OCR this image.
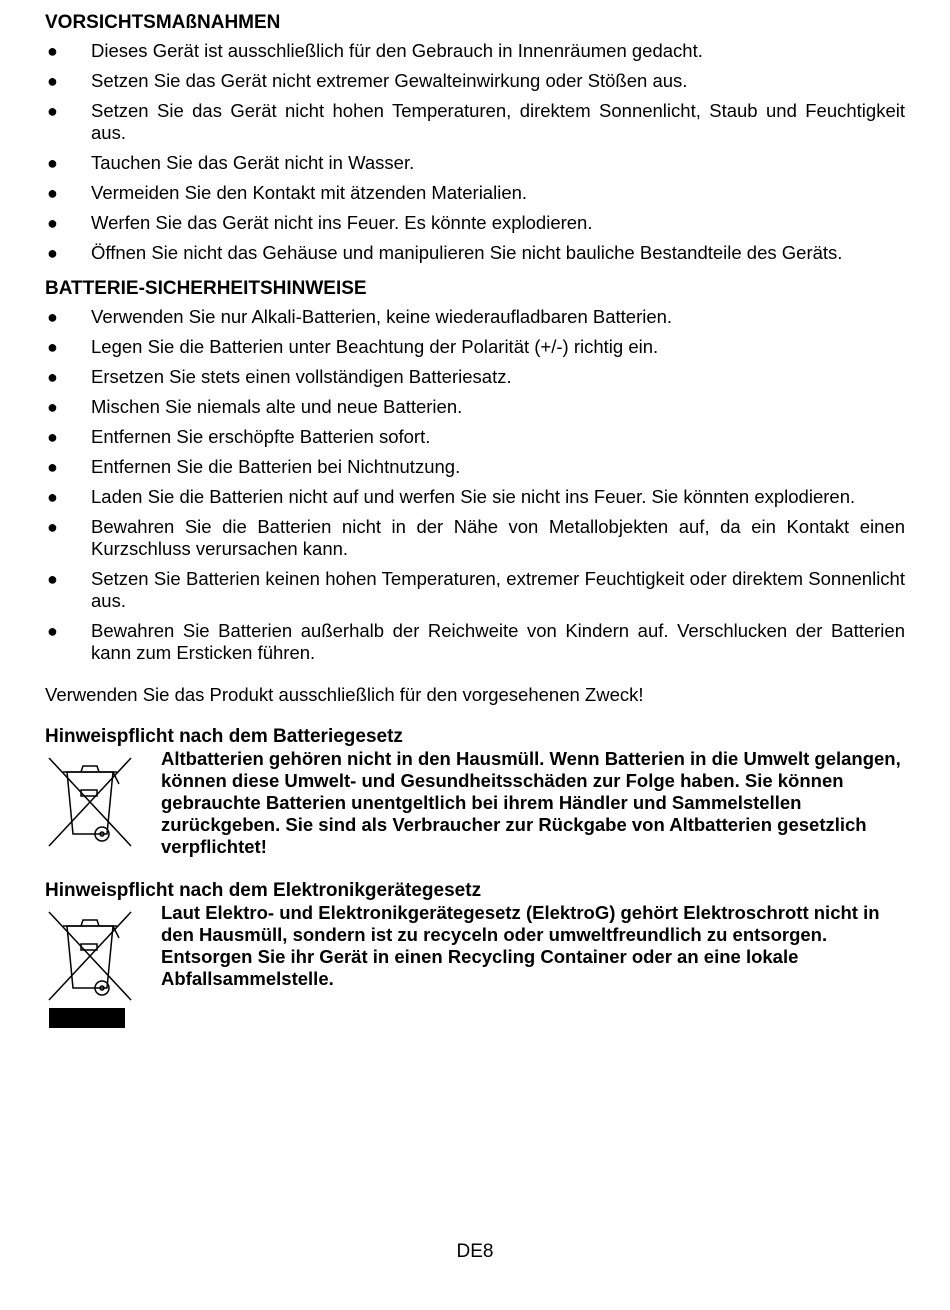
VORSICHTSMAßNAHMEN
● Dieses Gerät ist ausschließlich für den Gebrauch in Innenräumen gedacht.
● Setzen Sie das Gerät nicht extremer Gewalteinwirkung oder Stößen aus.
● Setzen Sie das Gerät nicht hohen Temperaturen, direktem Sonnenlicht, Staub und Feuchtigkeit aus.
● Tauchen Sie das Gerät nicht in Wasser.
● Vermeiden Sie den Kontakt mit ätzenden Materialien.
● Werfen Sie das Gerät nicht ins Feuer. Es könnte explodieren.
● Öffnen Sie nicht das Gehäuse und manipulieren Sie nicht bauliche Bestandteile des Geräts.
BATTERIE-SICHERHEITSHINWEISE
● Verwenden Sie nur Alkali-Batterien, keine wiederaufladbaren Batterien.
● Legen Sie die Batterien unter Beachtung der Polarität (+/-) richtig ein.
● Ersetzen Sie stets einen vollständigen Batteriesatz.
● Mischen Sie niemals alte und neue Batterien.
● Entfernen Sie erschöpfte Batterien sofort.
● Entfernen Sie die Batterien bei Nichtnutzung.
● Laden Sie die Batterien nicht auf und werfen Sie sie nicht ins Feuer. Sie könnten explodieren.
● Bewahren Sie die Batterien nicht in der Nähe von Metallobjekten auf, da ein Kontakt einen Kurzschluss verursachen kann.
● Setzen Sie Batterien keinen hohen Temperaturen, extremer Feuchtigkeit oder direktem Sonnenlicht aus.
● Bewahren Sie Batterien außerhalb der Reichweite von Kindern auf. Verschlucken der Batterien kann zum Ersticken führen.
Verwenden Sie das Produkt ausschließlich für den vorgesehenen Zweck!
Hinweispflicht nach dem Batteriegesetz
Altbatterien gehören nicht in den Hausmüll. Wenn Batterien in die Umwelt gelangen, können diese Umwelt- und Gesundheitsschäden zur Folge haben. Sie können gebrauchte Batterien unentgeltlich bei ihrem Händler und Sammelstellen zurückgeben. Sie sind als Verbraucher zur Rückgabe von Altbatterien gesetzlich verpflichtet!
Hinweispflicht nach dem Elektronikgerätegesetz
Laut Elektro- und Elektronikgerätegesetz (ElektroG) gehört Elektroschrott nicht in den Hausmüll, sondern ist zu recyceln oder umweltfreundlich zu entsorgen. Entsorgen Sie ihr Gerät in einen Recycling Container oder an eine lokale Abfallsammelstelle.
DE8
